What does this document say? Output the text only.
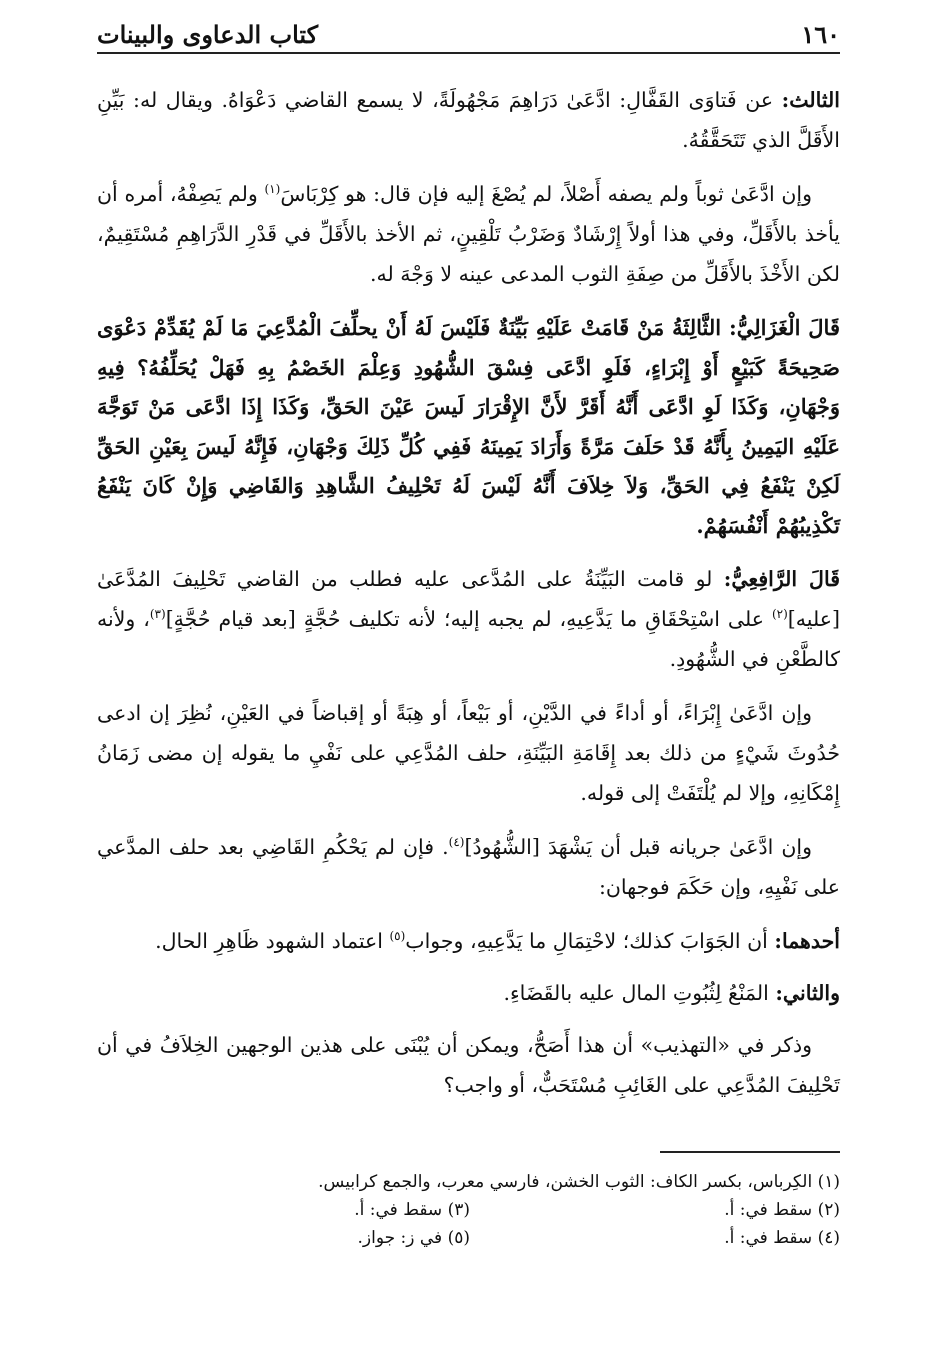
١٦٠
كتاب الدعاوى والبينات

الثالث: عن فَتاوَى القَفَّالِ: ادَّعَىٰ دَرَاهِمَ مَجْهُولَةً، لا يسمع القاضي دَعْوَاهُ. ويقال له: بَيِّنِ الأَقَلَّ الذي تَتَحَقَّقُهُ.

وإن ادَّعَىٰ ثوباً ولم يصفه أَصْلاً، لم يُصْغَ إليه فإن قال: هو كِرْبَاسَ$^{(١)}$ ولم يَصِفْهُ، أمره أن يأخذ بالأَقَلِّ، وفي هذا أولاً إِرْشَادٌ وَضَرْبُ تَلْقِينٍ، ثم الأخذ بالأَقَلِّ في قَدْرِ الدَّرَاهِمِ مُسْتَقِيمٌ، لكن الأَخْذَ بالأَقَلِّ من صِفَةِ الثوب المدعى عينه لا وَجْهَ له.

قَالَ الْغَزَالِيُّ: الثَّالِثَةُ مَنْ قَامَتْ عَلَيْهِ بَيِّنَةٌ فَلَيْسَ لَهُ أَنْ يحلِّفَ الْمُدَّعِيَ مَا لَمْ يُقَدِّمْ دَعْوَى صَحِيحَةً كَبَيْعٍ أَوْ إِبْرَاءٍ، فَلَوِ ادَّعَى فِسْقَ الشُّهُودِ وَعِلْمَ الخَصْمُ بِهِ فَهَلْ يُحَلِّفُهُ؟ فِيهِ وَجْهَانِ، وَكَذَا لَوِ ادَّعَى أَنَّهُ أَقَرَّ لأَنَّ الإِقْرَارَ لَيسَ عَيْنَ الحَقِّ، وَكَذَا إِذَا ادَّعَى مَنْ تَوَجَّهَ عَلَيْهِ اليَمِينُ بِأَنَّهُ قَدْ حَلَفَ مَرَّةً وَأَرَادَ يَمِينَهُ فَفِي كُلِّ ذَلِكَ وَجْهَانِ، فَإِنَّهُ لَيسَ بِعَيْنِ الحَقِّ لَكِنْ يَنْفَعُ فِي الحَقِّ، وَلاَ خِلاَفَ أَنَّهُ لَيْسَ لَهُ تَحْلِيفُ الشَّاهِدِ وَالقَاضِي وَإِنْ كَانَ يَنْفَعُ تَكْذِيبُهُمْ أَنْفُسَهُمْ.

قَالَ الرَّافِعِيُّ: لو قامت البَيِّنَةُ على المُدَّعى عليه فطلب من القاضي تَحْلِيفَ المُدَّعَىٰ [عليه]$^{(٢)}$ على اسْتِحْقَاقِ ما يَدَّعِيهِ، لم يجبه إليه؛ لأنه تكليف حُجَّةٍ [بعد قيام حُجَّةٍ]$^{(٣)}$، ولأنه كالطَّعْنِ في الشُّهُودِ.

وإن ادَّعَىٰ إِبْرَاءً، أو أداءً في الدَّيْنِ، أو بَيْعاً، أو هِبَةً أو إقباضاً في العَيْنِ، نُظِرَ إن ادعى حُدُوثَ شَيْءٍ من ذلك بعد إِقَامَةِ البَيِّنَةِ، حلف المُدَّعِي على نَفْيِ ما يقوله إن مضى زَمَانُ إِمْكَانِهِ، وإلا لم يُلْتَفَتْ إلى قوله.

وإن ادَّعَىٰ جريانه قبل أن يَشْهَدَ [الشُّهُودُ]$^{(٤)}$. فإن لم يَحْكُمِ القَاضِي بعد حلف المدَّعي على نَفْيِهِ، وإن حَكَمَ فوجهان:

أحدهما: أن الجَوَابَ كذلك؛ لاحْتِمَالِ ما يَدَّعِيهِ، وجواب$^{(٥)}$ اعتماد الشهود ظَاهِرِ الحال.

والثاني: المَنْعُ لِثُبُوتِ المال عليه بالقَضَاءِ.

وذكر في «التهذيب» أن هذا أَصَحُّ، ويمكن أن يُبْنَى على هذين الوجهين الخِلاَفُ في أن تَحْلِيفَ المُدَّعِي على الغَائِبِ مُسْتَحَبٌّ، أو واجب؟

(١) الكِرباس، بكسر الكاف: الثوب الخشن، فارسي معرب، والجمع كرابيس.
(٢) سقط في: أ.
(٣) سقط في: أ.
(٤) سقط في: أ.
(٥) في ز: جواز.
